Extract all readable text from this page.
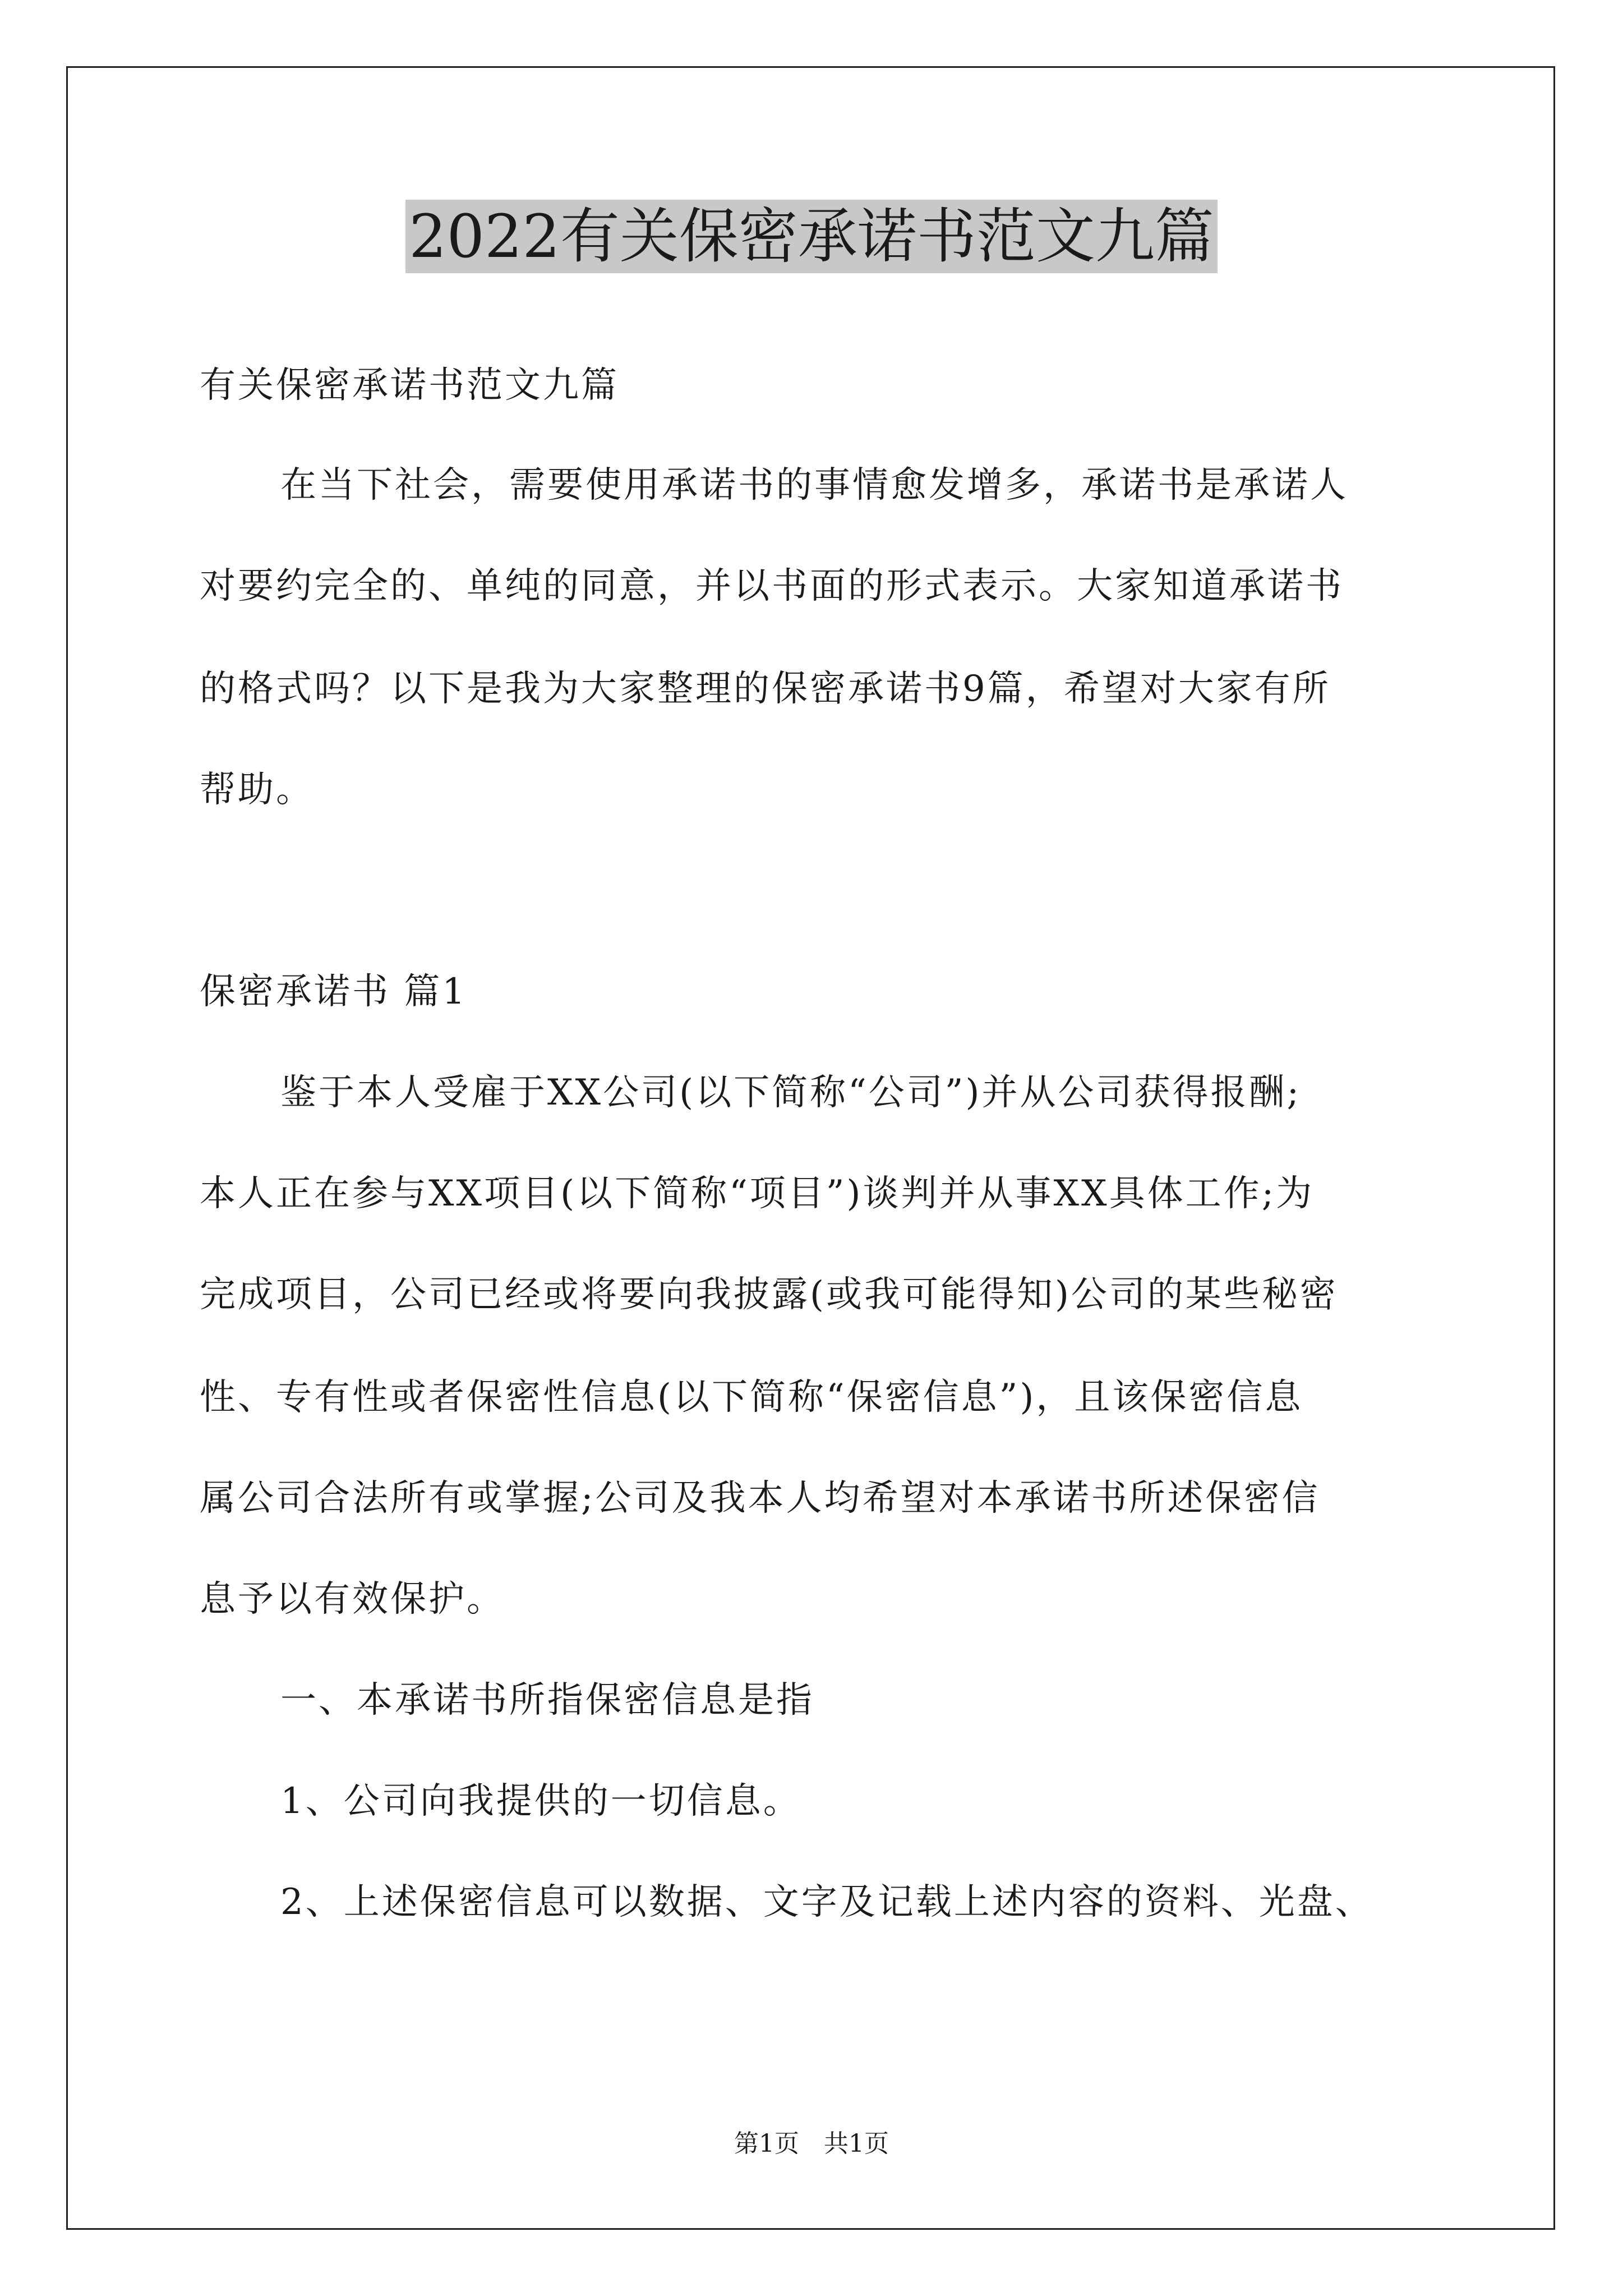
2022有关保密承诺书范文九篇
有关保密承诺书范文九篇
在当下社会，需要使用承诺书的事情愈发增多，承诺书是承诺人
对要约完全的、单纯的同意，并以书面的形式表示。大家知道承诺书
的格式吗？以下是我为大家整理的保密承诺书9篇，希望对大家有所
帮助。
保密承诺书 篇1
鉴于本人受雇于XX公司(以下简称“公司”)并从公司获得报酬;
本人正在参与XX项目(以下简称“项目”)谈判并从事XX具体工作;为
完成项目，公司已经或将要向我披露(或我可能得知)公司的某些秘密
性、专有性或者保密性信息(以下简称“保密信息”)，且该保密信息
属公司合法所有或掌握;公司及我本人均希望对本承诺书所述保密信
息予以有效保护。
一、本承诺书所指保密信息是指
1、公司向我提供的一切信息。
2、上述保密信息可以数据、文字及记载上述内容的资料、光盘、
第1页　共1页
